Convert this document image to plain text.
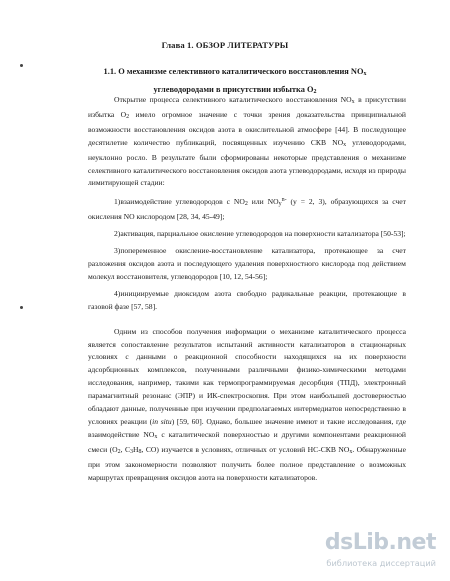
Глава 1. ОБЗОР ЛИТЕРАТУРЫ
1.1. О механизме селективного каталитического восстановления $NO_x$
углеводородами в присутствии избытка $O_2$

Открытие процесса селективного каталитического восстановления $NO_x$ в присутствии избытка $O_2$ имело огромное значение с точки зрения доказательства принципиальной возможности восстановления оксидов азота в окислительной атмосфере [44]. В последующее десятилетие количество публикаций, посвященных изучению СКВ $NO_x$ углеводородами, неуклонно росло. В результате были сформированы некоторые представления о механизме селективного каталитического восстановления оксидов азота углеводородами, исходя из природы лимитирующей стадии:

1)взаимодействие углеводородов с $NO_2$ или $NO_y^{n-}$ (y = 2, 3), образующихся за счет окисления NO кислородом [28, 34, 45-49];

2)активация, парциальное окисление углеводородов на поверхности катализатора [50-53];

3)попеременное окисление-восстановление катализатора, протекающее за счет разложения оксидов азота и последующего удаления поверхностного кислорода под действием молекул восстановителя, углеводородов [10, 12, 54-56];

4)инициируемые диоксидом азота свободно радикальные реакции, протекающие в газовой фазе [57, 58].

Одним из способов получения информации о механизме каталитического процесса является сопоставление результатов испытаний активности катализаторов в стационарных условиях с данными о реакционной способности находящихся на их поверхности адсорбционных комплексов, полученными различными физико-химическими методами исследования, например, такими как термопрограммируемая десорбция (ТПД), электронный парамагнитный резонанс (ЭПР) и ИК-спектроскопия. При этом наибольшей достоверностью обладают данные, полученные при изучении предполагаемых интермедиатов непосредственно в условиях реакции (in situ) [59, 60]. Однако, большее значение имеют и такие исследования, где взаимодействие $NO_x$ с каталитической поверхностью и другими компонентами реакционной смеси ($O_2$, $C_3H_8$, CO) изучается в условиях, отличных от условий НС-СКВ $NO_x$. Обнаруженные при этом закономерности позволяют получить более полное представление о возможных маршрутах превращения оксидов азота на поверхности катализаторов.

dsLib.net
библиотека диссертаций
